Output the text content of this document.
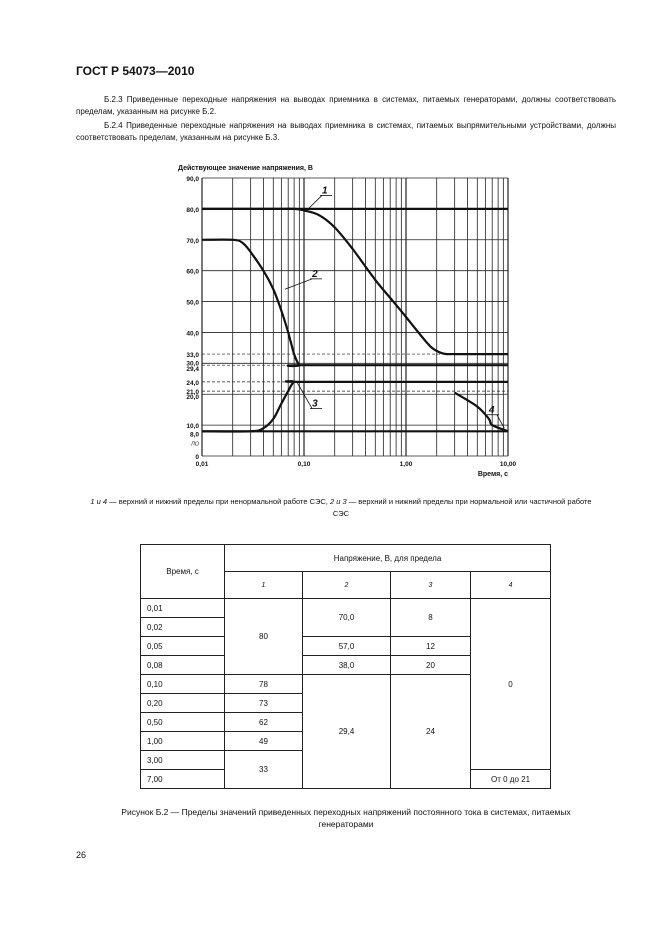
ГОСТ Р 54073—2010
Б.2.3 Приведенные переходные напряжения на выводах приемника в системах, питаемых генераторами, должны соответствовать пределам, указанным на рисунке Б.2.
Б.2.4 Приведенные переходные напряжения на выводах приемника в системах, питаемых выпрямительными устройствами, должны соответствовать пределам, указанным на рисунке Б.3.
90,0
80,0
70,0
60,0
50,0
40,0
33,0
30,0
29,4
24,0
21,0
20,0
10,0
8,0
0
ЛО
0,01	0,10	1,00	10,00
Действующее значение напряжения, В
Время, с
1
2
3
4
1 и 4 — верхний и нижний пределы при ненормальной работе СЭС, 2 и 3 — верхний и нижний пределы при нормальной или частичной работе СЭС
Время, с	Напряжение, В, для предела			
	1	2	3	4
0,01	80	70,0	8	0
0,02				
0,05		57,0	12	
0,08		38,0	20	
0,10	78	29,4	24	
0,20	73			
0,50	62			
1,00	49			
3,00	33			
7,00				От 0 до 21
Рисунок Б.2 — Пределы значений приведенных переходных напряжений постоянного тока в системах, питаемых генераторами
26
